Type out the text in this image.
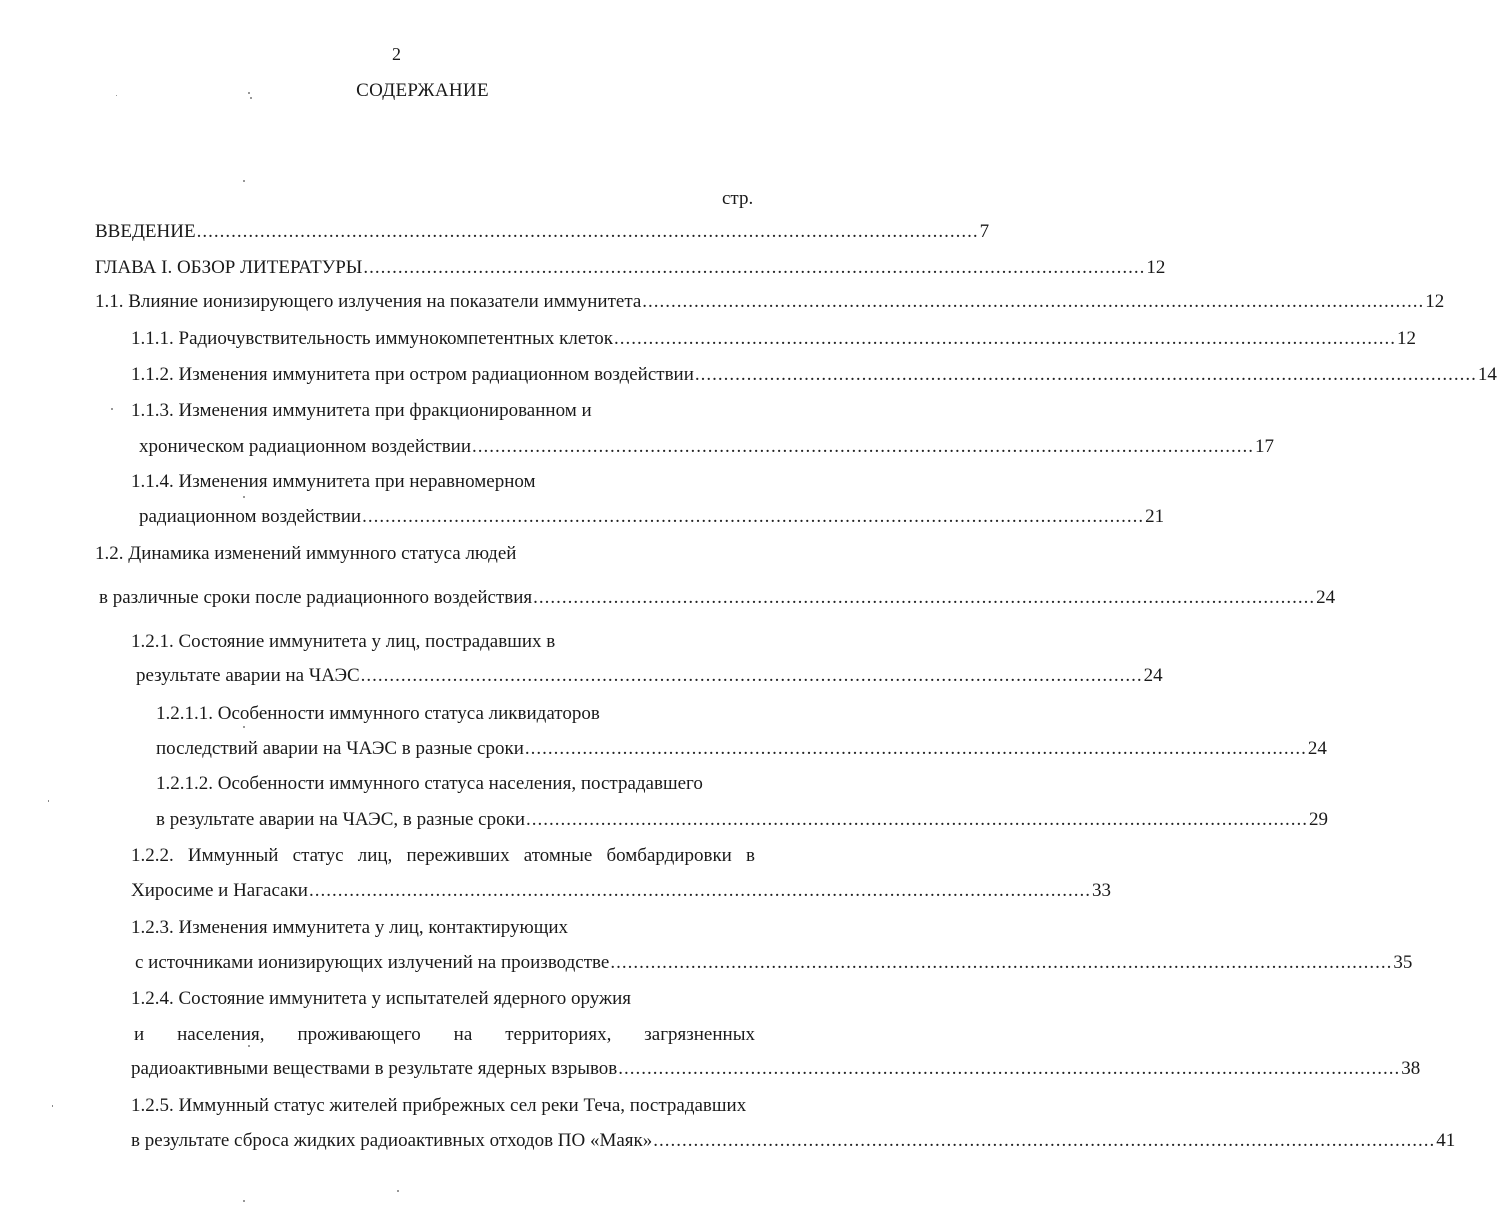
2
СОДЕРЖАНИЕ
стр.
ВВЕДЕНИЕ ........................................................................................................................................ 7
ГЛАВА I. ОБЗОР ЛИТЕРАТУРЫ ........................................................................................................................................ 12
1.1. Влияние ионизирующего излучения на показатели иммунитета ........................................................................................................................................ 12
1.1.1. Радиочувствительность иммунокомпетентных клеток ........................................................................................................................................ 12
1.1.2. Изменения иммунитета при остром радиационном воздействии ........................................................................................................................................ 14
1.1.3. Изменения иммунитета при фракционированном и
хроническом радиационном воздействии ........................................................................................................................................ 17
1.1.4. Изменения иммунитета при неравномерном
радиационном воздействии ........................................................................................................................................ 21
1.2. Динамика изменений иммунного статуса людей
в различные сроки после радиационного воздействия ........................................................................................................................................ 24
1.2.1. Состояние иммунитета у лиц, пострадавших в
результате аварии на ЧАЭС ........................................................................................................................................ 24
1.2.1.1. Особенности иммунного статуса ликвидаторов
последствий аварии на ЧАЭС в разные сроки ........................................................................................................................................ 24
1.2.1.2. Особенности иммунного статуса населения, пострадавшего
в результате аварии на ЧАЭС, в разные сроки ........................................................................................................................................ 29
1.2.2. Иммунный статус лиц, переживших атомные бомбардировки в
Хиросиме и Нагасаки ........................................................................................................................................ 33
1.2.3. Изменения иммунитета у лиц, контактирующих
с источниками ионизирующих излучений на производстве ........................................................................................................................................ 35
1.2.4. Состояние иммунитета у испытателей ядерного оружия
и населения, проживающего на территориях, загрязненных
радиоактивными веществами в результате ядерных взрывов ........................................................................................................................................ 38
1.2.5. Иммунный статус жителей прибрежных сел реки Теча, пострадавших
в результате сброса жидких радиоактивных отходов ПО «Маяк» ........................................................................................................................................ 41
